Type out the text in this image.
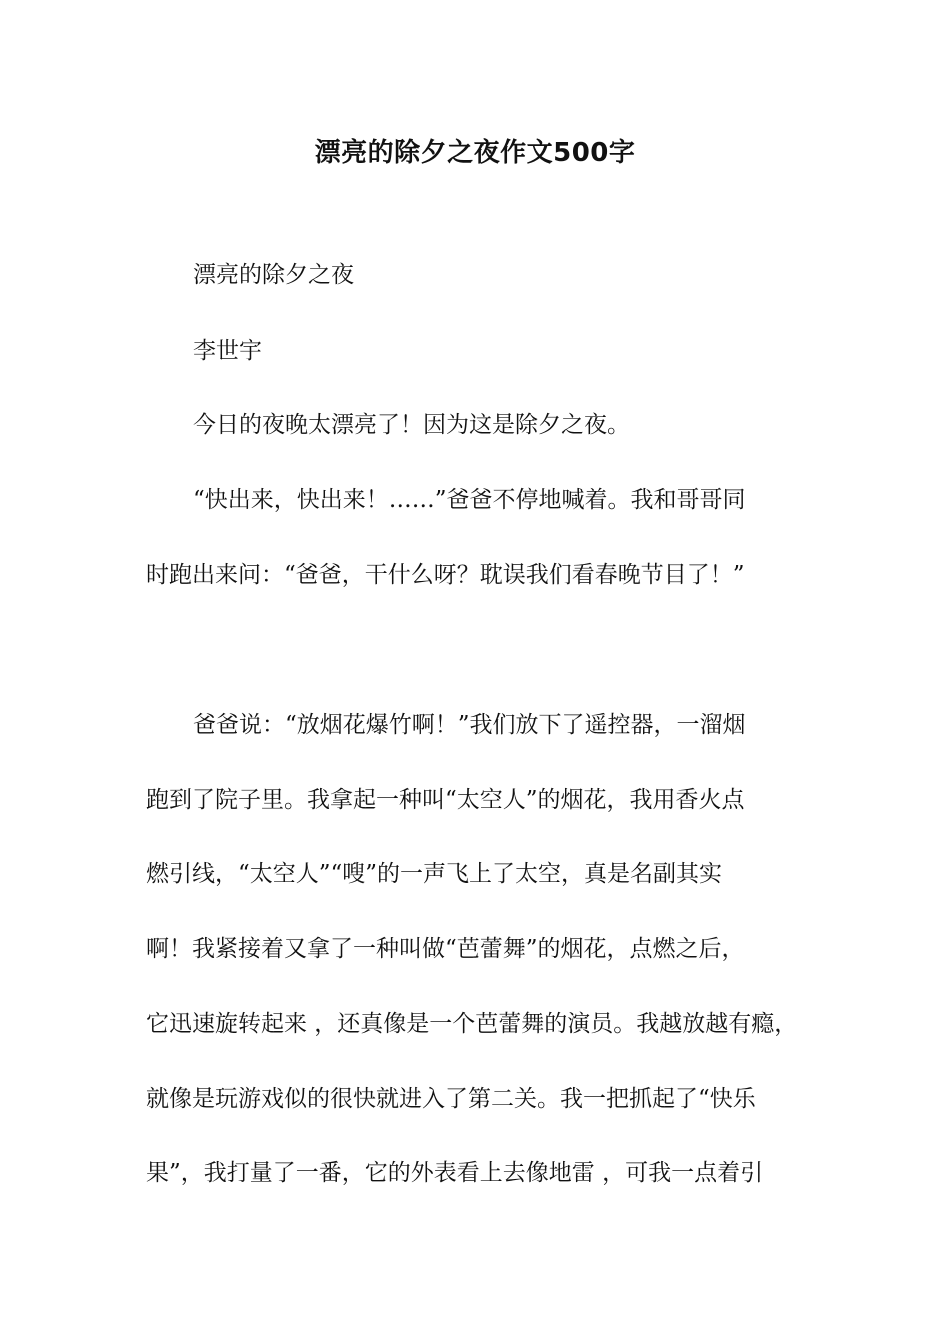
漂亮的除夕之夜作文500字
漂亮的除夕之夜
李世宇
今日的夜晚太漂亮了！因为这是除夕之夜。
“快出来，快出来！……”爸爸不停地喊着。我和哥哥同
时跑出来问：“爸爸，干什么呀？耽误我们看春晚节目了！”
爸爸说：“放烟花爆竹啊！”我们放下了遥控器，一溜烟
跑到了院子里。我拿起一种叫“太空人”的烟花，我用香火点
燃引线，“太空人”“嗖”的一声飞上了太空，真是名副其实
啊！我紧接着又拿了一种叫做“芭蕾舞”的烟花，点燃之后，
它迅速旋转起来 ，还真像是一个芭蕾舞的演员。我越放越有瘾，
就像是玩游戏似的很快就进入了第二关。我一把抓起了“快乐
果”，我打量了一番，它的外表看上去像地雷 ，可我一点着引
